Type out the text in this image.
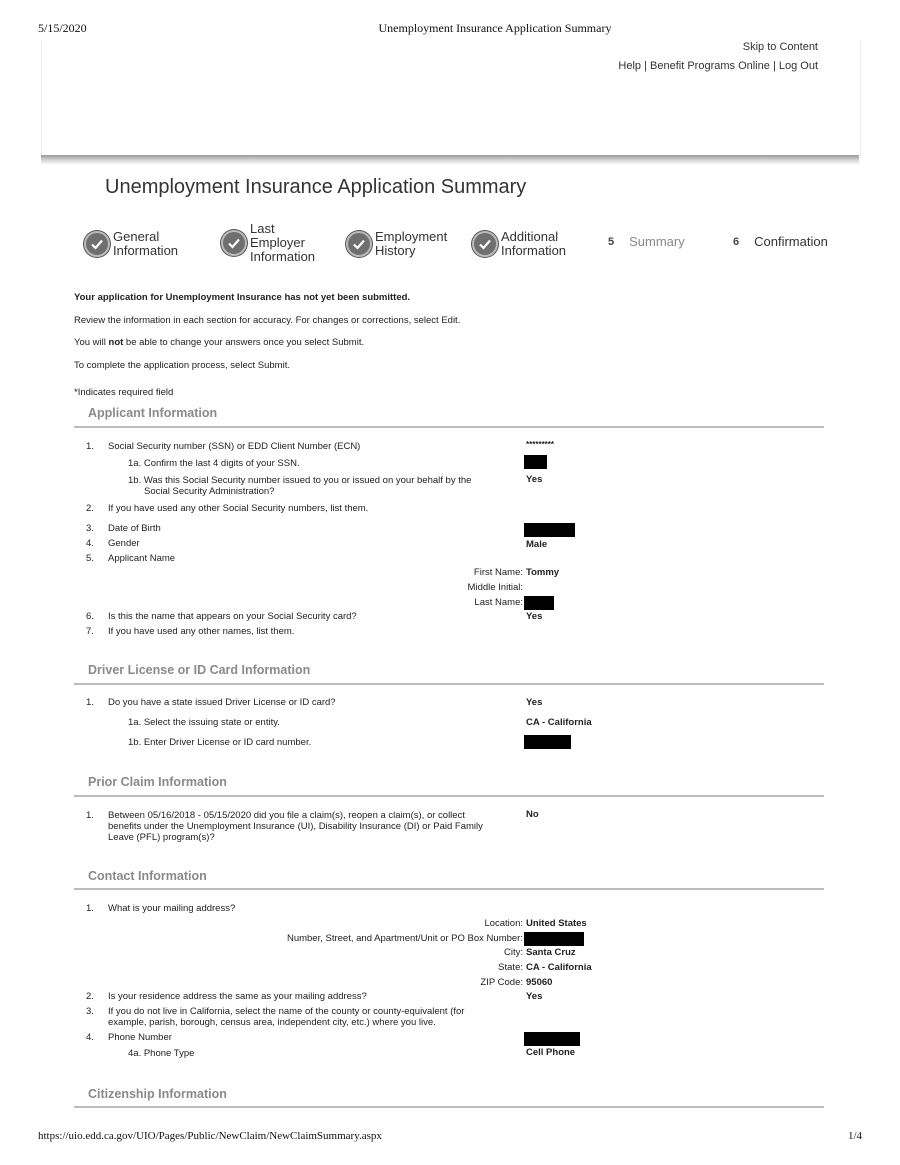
5/15/2020	Unemployment Insurance Application Summary
Skip to Content
Help | Benefit Programs Online | Log Out
Unemployment Insurance Application Summary
General
Information
Last
Employer
Information
Employment
History
Additional
Information
5 Summary	6 Confirmation
Your application for Unemployment Insurance has not yet been submitted.
Review the information in each section for accuracy. For changes or corrections, select Edit.
You will not be able to change your answers once you select Submit.
To complete the application process, select Submit.
*Indicates required field
Applicant Information
1. Social Security number (SSN) or EDD Client Number (ECN)	*********
1a. Confirm the last 4 digits of your SSN.
1b. Was this Social Security number issued to you or issued on your behalf by the
Social Security Administration?
Yes
2. If you have used any other Social Security numbers, list them.
3. Date of Birth
4. Gender	Male
5. Applicant Name
First Name: Tommy
Middle Initial:
Last Name:
6. Is this the name that appears on your Social Security card?	Yes
7. If you have used any other names, list them.
Driver License or ID Card Information
1. Do you have a state issued Driver License or ID card?	Yes
1a. Select the issuing state or entity.	CA - California
1b. Enter Driver License or ID card number.
Prior Claim Information
1. Between 05/16/2018 - 05/15/2020 did you file a claim(s), reopen a claim(s), or collect
benefits under the Unemployment Insurance (UI), Disability Insurance (DI) or Paid Family
Leave (PFL) program(s)?
No
Contact Information
1. What is your mailing address?
Location: United States
Number, Street, and Apartment/Unit or PO Box Number:
City: Santa Cruz
State: CA - California
ZIP Code: 95060
2. Is your residence address the same as your mailing address?	Yes
3. If you do not live in California, select the name of the county or county-equivalent (for
example, parish, borough, census area, independent city, etc.) where you live.
4. Phone Number
4a. Phone Type	Cell Phone
Citizenship Information
https://uio.edd.ca.gov/UIO/Pages/Public/NewClaim/NewClaimSummary.aspx	1/4
